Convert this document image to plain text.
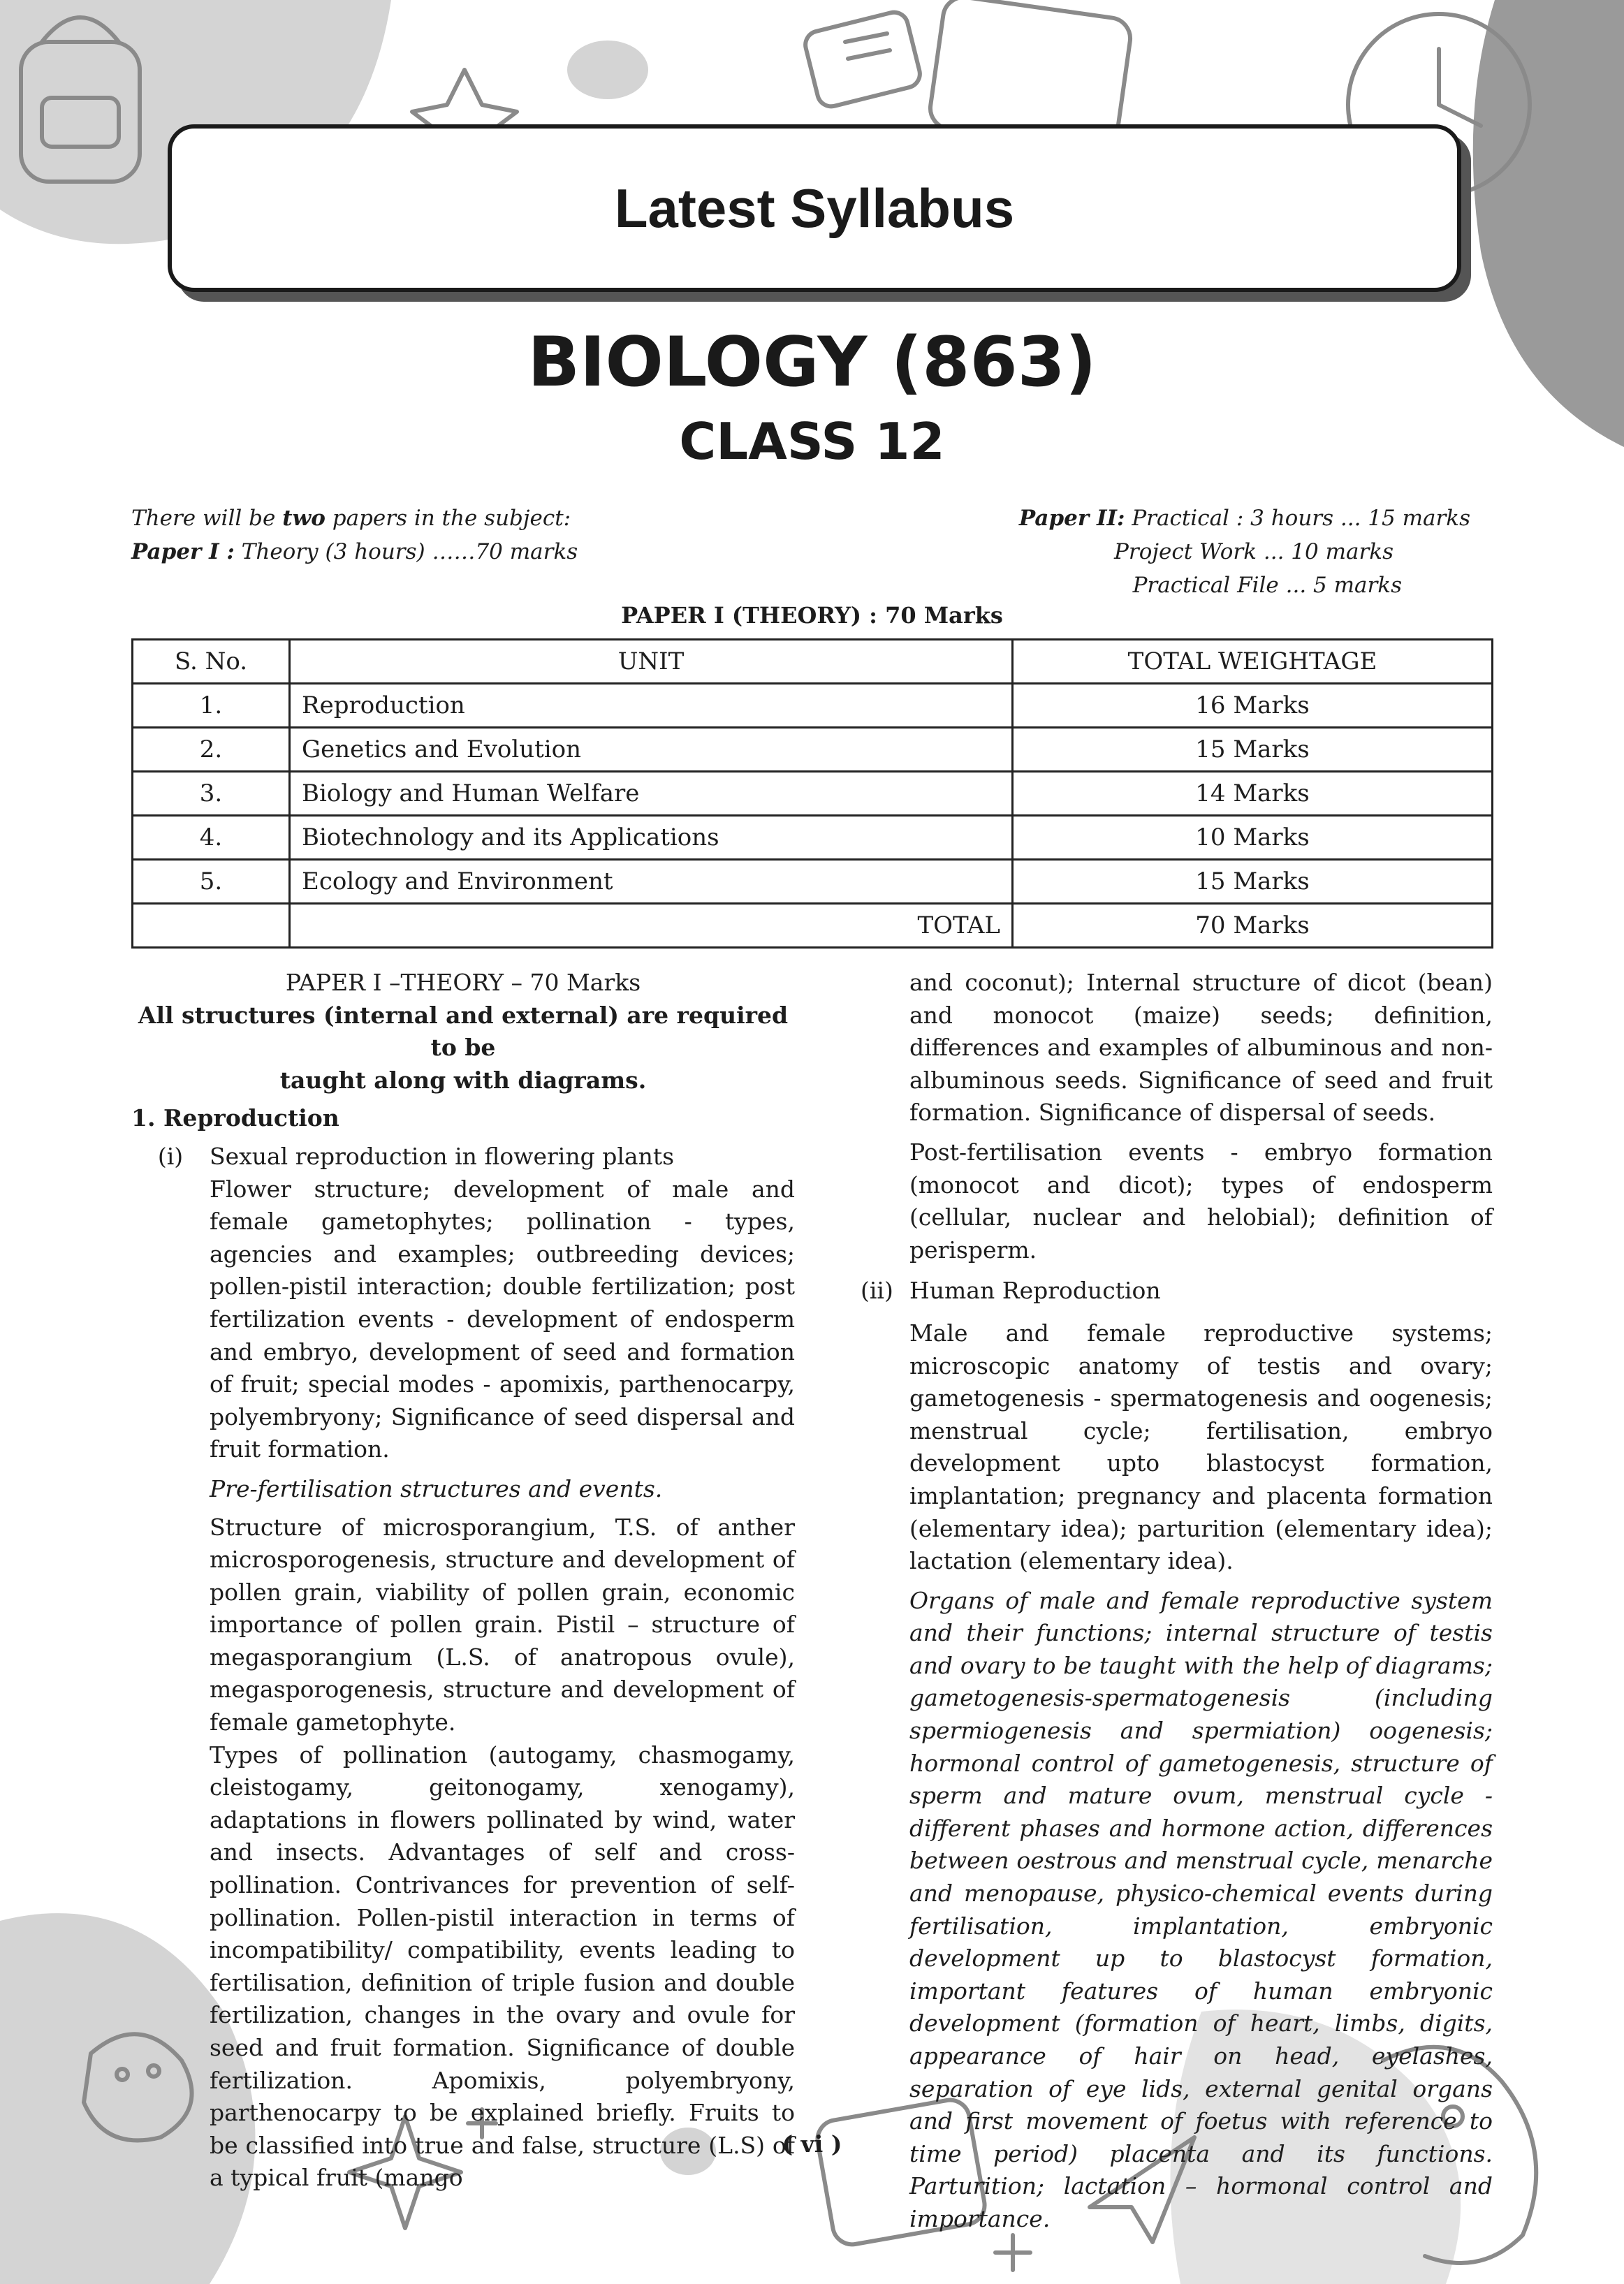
Latest Syllabus
BIOLOGY (863)
CLASS 12
There will be two papers in the subject:
Paper I : Theory (3 hours) ……70 marks
Paper II: Practical : 3 hours ... 15 marks
Project Work ... 10 marks
Practical File ... 5 marks
PAPER I (THEORY) : 70 Marks
S. No.	UNIT	TOTAL WEIGHTAGE
1.	Reproduction	16 Marks
2.	Genetics and Evolution	15 Marks
3.	Biology and Human Welfare	14 Marks
4.	Biotechnology and its Applications	10 Marks
5.	Ecology and Environment	15 Marks
	TOTAL	70 Marks

PAPER I –THEORY – 70 Marks

All structures (internal and external) are required to be

taught along with diagrams.

1. Reproduction

(i)	Sexual reproduction in flowering plants

Flower structure; development of male and female gametophytes; pollination - types, agencies and examples; outbreeding devices; pollen-pistil interaction; double fertilization; post fertilization events - development of endosperm and embryo, development of seed and formation of fruit; special modes - apomixis, parthenocarpy, polyembryony; Significance of seed dispersal and fruit formation.

Pre-fertilisation structures and events.

Structure of microsporangium, T.S. of anther microsporogenesis, structure and development of pollen grain, viability of pollen grain, economic importance of pollen grain. Pistil – structure of megasporangium (L.S. of anatropous ovule), megasporogenesis, structure and development of female gametophyte.

Types of pollination (autogamy, chasmogamy, cleistogamy, geitonogamy, xenogamy), adaptations in flowers pollinated by wind, water and insects. Advantages of self and cross-pollination. Contrivances for prevention of self-pollination. Pollen-pistil interaction in terms of incompatibility/ compatibility, events leading to fertilisation, definition of triple fusion and double fertilization, changes in the ovary and ovule for seed and fruit formation. Significance of double fertilization. Apomixis, polyembryony, parthenocarpy to be explained briefly. Fruits to be classified into true and false, structure (L.S) of a typical fruit (mango

and coconut); Internal structure of dicot (bean) and monocot (maize) seeds; definition, differences and examples of albuminous and non-albuminous seeds. Significance of seed and fruit formation. Significance of dispersal of seeds.

Post-fertilisation events - embryo formation (monocot and dicot); types of endosperm (cellular, nuclear and helobial); definition of perisperm.

(ii) Human Reproduction

Male and female reproductive systems; microscopic anatomy of testis and ovary; gametogenesis - spermatogenesis and oogenesis; menstrual cycle; fertilisation, embryo development upto blastocyst formation, implantation; pregnancy and placenta formation (elementary idea); parturition (elementary idea); lactation (elementary idea).

Organs of male and female reproductive system and their functions; internal structure of testis and ovary to be taught with the help of diagrams; gametogenesis-spermatogenesis (including spermiogenesis and spermiation) oogenesis; hormonal control of gametogenesis, structure of sperm and mature ovum, menstrual cycle - different phases and hormone action, differences between oestrous and menstrual cycle, menarche and menopause, physico-chemical events during fertilisation, implantation, embryonic development up to blastocyst formation, important features of human embryonic development (formation of heart, limbs, digits, appearance of hair on head, eyelashes, separation of eye lids, external genital organs and first movement of foetus with reference to time period) placenta and its functions. Parturition; lactation – hormonal control and importance.

( vi )
